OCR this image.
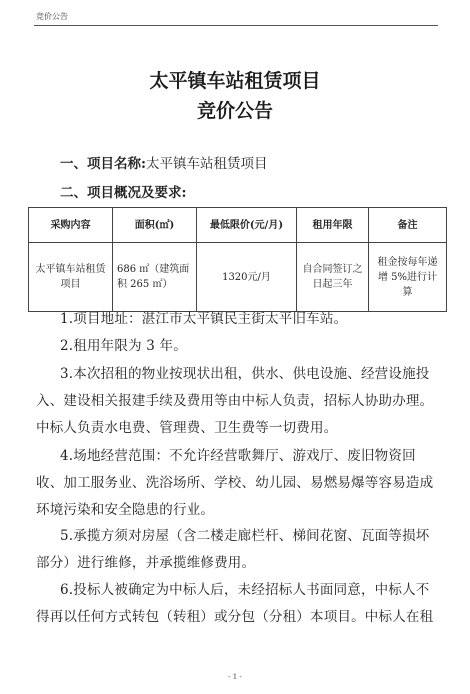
竞价公告
太平镇车站租赁项目
竞价公告
一、项目名称:太平镇车站租赁项目
二、项目概况及要求:
采购内容	面积(㎡)	最低限价(元/月)	租用年限	备注
太平镇车站租赁项目	686 ㎡（建筑面积 265 ㎡）	1320元/月	自合同签订之日起三年	租金按每年递增 5%进行计算
1.项目地址：湛江市太平镇民主街太平旧车站。
2.租用年限为 3 年。
3.本次招租的物业按现状出租，供水、供电设施、经营设施投入、建设相关报建手续及费用等由中标人负责，招标人协助办理。中标人负责水电费、管理费、卫生费等一切费用。
4.场地经营范围：不允许经营歌舞厅、游戏厅、废旧物资回收、加工服务业、洗浴场所、学校、幼儿园、易燃易爆等容易造成环境污染和安全隐患的行业。
5.承揽方须对房屋（含二楼走廊栏杆、梯间花窗、瓦面等损坏部分）进行维修，并承揽维修费用。
6.投标人被确定为中标人后，未经招标人书面同意，中标人不得再以任何方式转包（转租）或分包（分租）本项目。中标人在租
- 1 -
